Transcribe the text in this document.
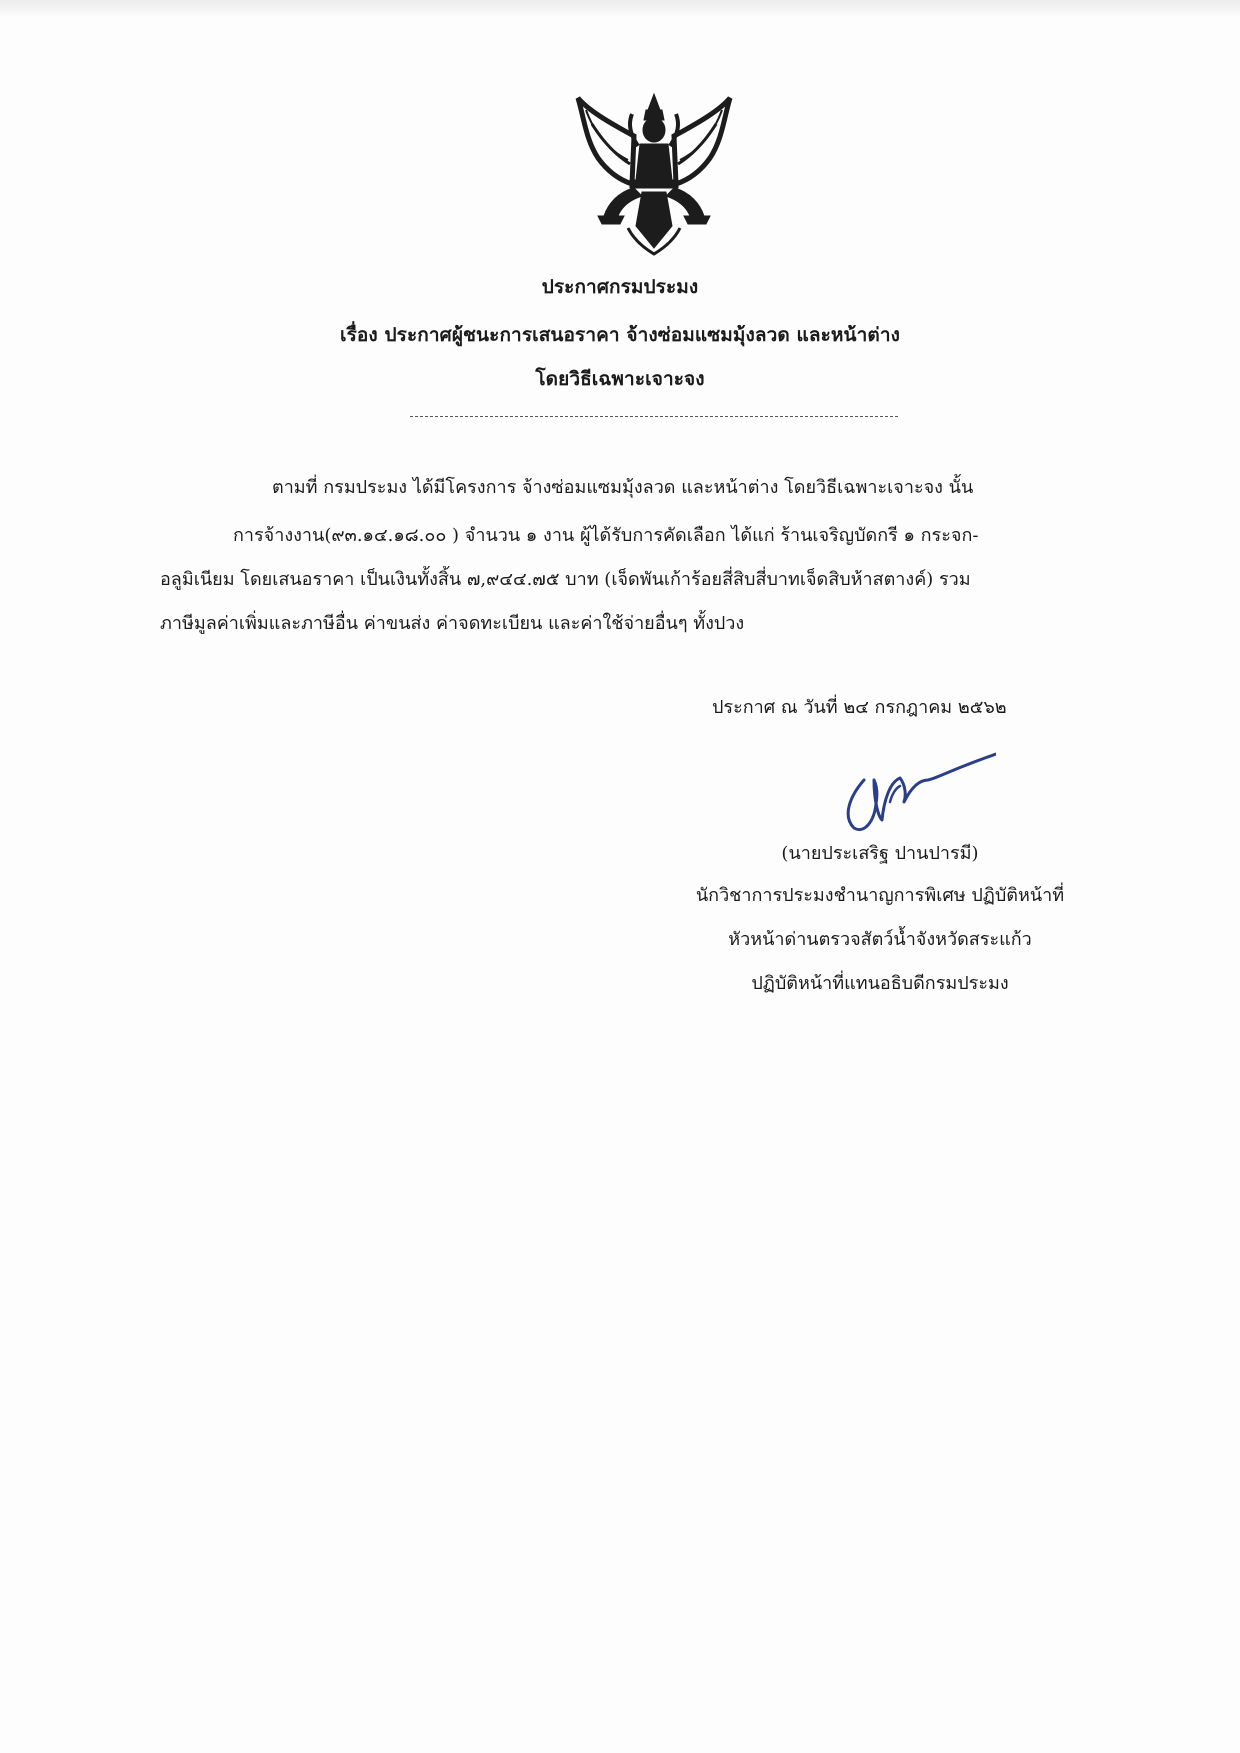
ประกาศกรมประมง
เรื่อง ประกาศผู้ชนะการเสนอราคา จ้างซ่อมแซมมุ้งลวด และหน้าต่าง
โดยวิธีเฉพาะเจาะจง
ตามที่ กรมประมง ได้มีโครงการ จ้างซ่อมแซมมุ้งลวด และหน้าต่าง โดยวิธีเฉพาะเจาะจง นั้น
การจ้างงาน(๙๓.๑๔.๑๘.๐๐ ) จำนวน ๑ งาน ผู้ได้รับการคัดเลือก ได้แก่ ร้านเจริญบัดกรี ๑ กระจก-
อลูมิเนียม โดยเสนอราคา เป็นเงินทั้งสิ้น ๗,๙๔๔.๗๕ บาท (เจ็ดพันเก้าร้อยสี่สิบสี่บาทเจ็ดสิบห้าสตางค์) รวม
ภาษีมูลค่าเพิ่มและภาษีอื่น ค่าขนส่ง ค่าจดทะเบียน และค่าใช้จ่ายอื่นๆ ทั้งปวง
ประกาศ ณ วันที่ ๒๔ กรกฎาคม ๒๕๖๒
(นายประเสริฐ ปานปารมี)
นักวิชาการประมงชำนาญการพิเศษ ปฏิบัติหน้าที่
หัวหน้าด่านตรวจสัตว์น้ำจังหวัดสระแก้ว
ปฏิบัติหน้าที่แทนอธิบดีกรมประมง
